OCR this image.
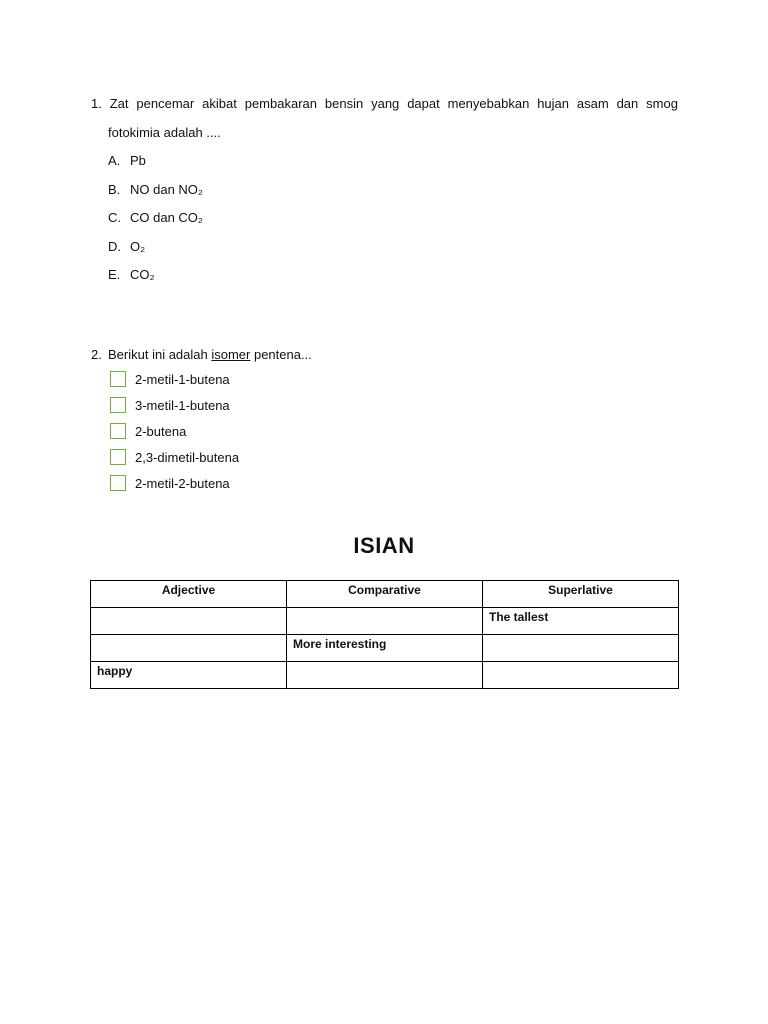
1. Zat pencemar akibat pembakaran bensin yang dapat menyebabkan hujan asam dan smog
fotokimia adalah ....
A. Pb
B. NO dan NO₂
C. CO dan CO₂
D. O₂
E. CO₂
2. Berikut ini adalah isomer pentena...
2-metil-1-butena
3-metil-1-butena
2-butena
2,3-dimetil-butena
2-metil-2-butena
ISIAN
Adjective	Comparative	Superlative
		The tallest
	More interesting	
happy		
